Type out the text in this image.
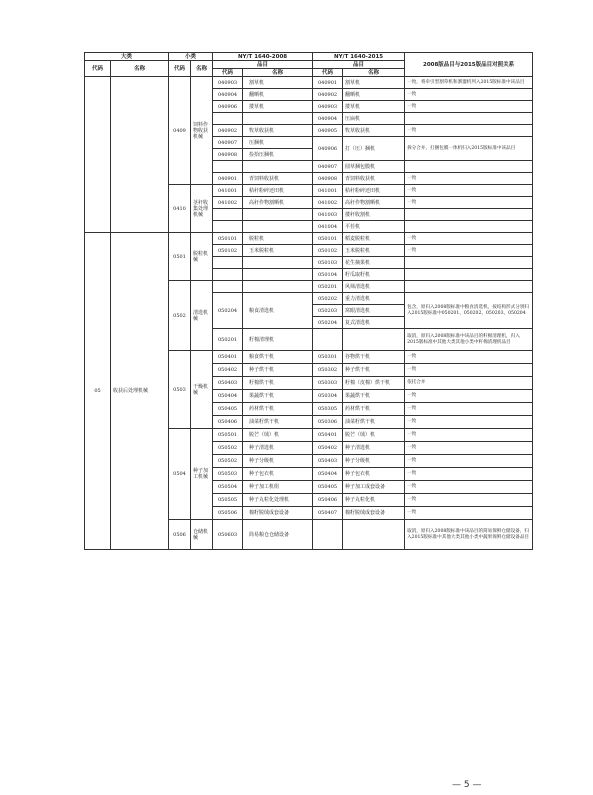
大类		小类		NY/T 1640-2008		NY/T 1640-2015		2008版品目与2015版品目对照关系
代码	名称	代码	名称	品目		品目		
				代码	名称	代码	名称	
		0409	饲料作物收获机械	040903	割草机	040901	割草机	一致，将牵引型割草机和割灌机列入2015版标准中该品目
				040904	翻晒机	040902	翻晒机	一致
				040906	搂草机	040903	搂草机	一致
						040904	压扁机	
				040902	牧草收获机	040905	牧草收获机	一致
				040907	压捆机	040906	打（压）捆机	拆分合并，打捆包膜一体机归入2015版标准中该品目
				040908	捡拾压捆机			
						040907	圆草捆包膜机	
				040901	青饲料收获机	040908	青饲料收获机	一致
		0410	茎秆收集处理机械	041001	秸秆粉碎还田机	041001	秸秆粉碎还田机	一致
				041002	高秆作物割晒机	041002	高秆作物割晒机	一致
						041003	搂秆收割机	
						041004	平茬机	
05	收获后处理机械	0501	脱粒机械	050101	脱粒机	050101	稻麦脱粒机	一致
				050102	玉米脱粒机	050102	玉米脱粒机	一致
						050103	花生摘果机	
						050104	籽瓜取籽机	
		0502	清选机械			050201	风筛清选机	
				050204	粮食清选机	050202	重力清选机	包含，原归入2008版标准中粮食清选机，按结构形式分别归入2015版标准中050201、050202、050203、050204
						050203	窝眼清选机	
						050204	复式清选机	
				050201	籽棉清理机			取消，原归入2008版标准中该品目的籽棉清理机，归入2015版标准中其他大类其他小类中籽棉清理机品目
		0503	干燥机械	050401	粮食烘干机	050301	谷物烘干机	一致
				050402	种子烘干机	050302	种子烘干机	一致
				050403	籽棉烘干机	050303	籽棉（皮棉）烘干机	依托合并
				050404	果蔬烘干机	050304	果蔬烘干机	一致
				050405	药材烘干机	050305	药材烘干机	一致
				050406	油菜籽烘干机	050306	油菜籽烘干机	一致
		0504	种子加工机械	050501	脱芒（绒）机	050401	脱芒（绒）机	一致
				050502	种子清选机	050402	种子清选机	一致
				050502	种子分级机	050403	种子分级机	一致
				050503	种子包衣机	050404	种子包衣机	一致
				050504	种子加工机组	050405	种子加工成套设备	一致
				050505	种子丸粒化处理机	050406	种子丸粒化机	一致
				050506	棉籽脱绒成套设备	050407	棉籽脱绒成套设备	一致
		0506	仓储机械	050603	简易粮仓仓储设备			取消，原归入2008版标准中该品目的简易保鲜仓储设备，归入2015版标准中其他大类其他小类中蔬果保鲜仓储设备品目
— 5 —
